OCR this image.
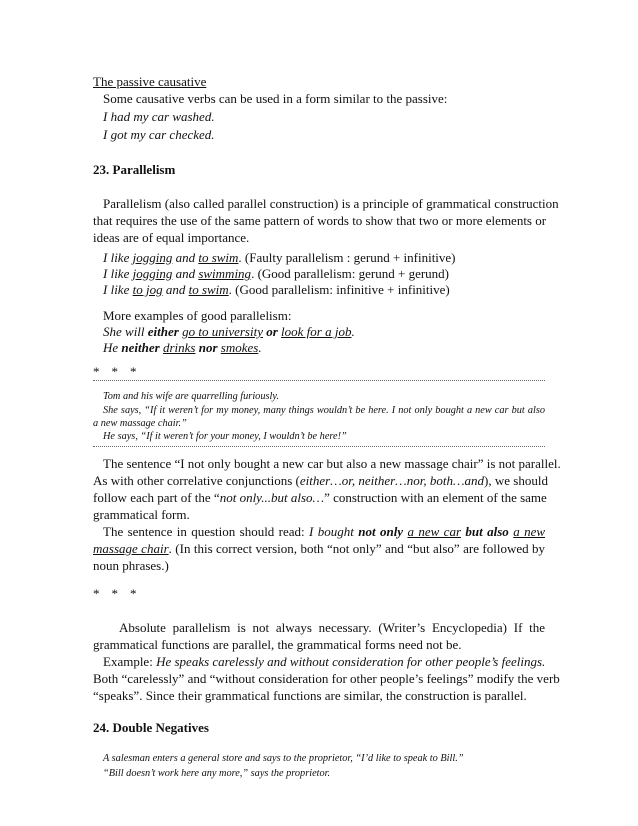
The passive causative
Some causative verbs can be used in a form similar to the passive:
I had my car washed.
I got my car checked.
23. Parallelism
Parallelism (also called parallel construction) is a principle of grammatical construction
that requires the use of the same pattern of words to show that two or more elements or
ideas are of equal importance.
I like jogging and to swim. (Faulty parallelism : gerund + infinitive)
I like jogging and swimming. (Good parallelism: gerund + gerund)
I like to jog and to swim. (Good parallelism: infinitive + infinitive)
More examples of good parallelism:
She will either go to university or look for a job.
He neither drinks nor smokes.
* * *
Tom and his wife are quarrelling furiously.
She says, “If it weren’t for my money, many things wouldn’t be here. I not only bought a new car but also
a new massage chair.”
He says, “If it weren’t for your money, I wouldn’t be here!”
The sentence “I not only bought a new car but also a new massage chair” is not parallel.
As with other correlative conjunctions (either…or, neither…nor, both…and), we should
follow each part of the “not only...but also…” construction with an element of the same
grammatical form.
The sentence in question should read: I bought not only a new car but also a new
massage chair. (In this correct version, both “not only” and “but also” are followed by
noun phrases.)
* * *
Absolute parallelism is not always necessary. (Writer’s Encyclopedia) If the
grammatical functions are parallel, the grammatical forms need not be.
Example: He speaks carelessly and without consideration for other people’s feelings.
Both “carelessly” and “without consideration for other people’s feelings” modify the verb
“speaks”. Since their grammatical functions are similar, the construction is parallel.
24. Double Negatives
A salesman enters a general store and says to the proprietor, “I’d like to speak to Bill.”
“Bill doesn’t work here any more,” says the proprietor.
